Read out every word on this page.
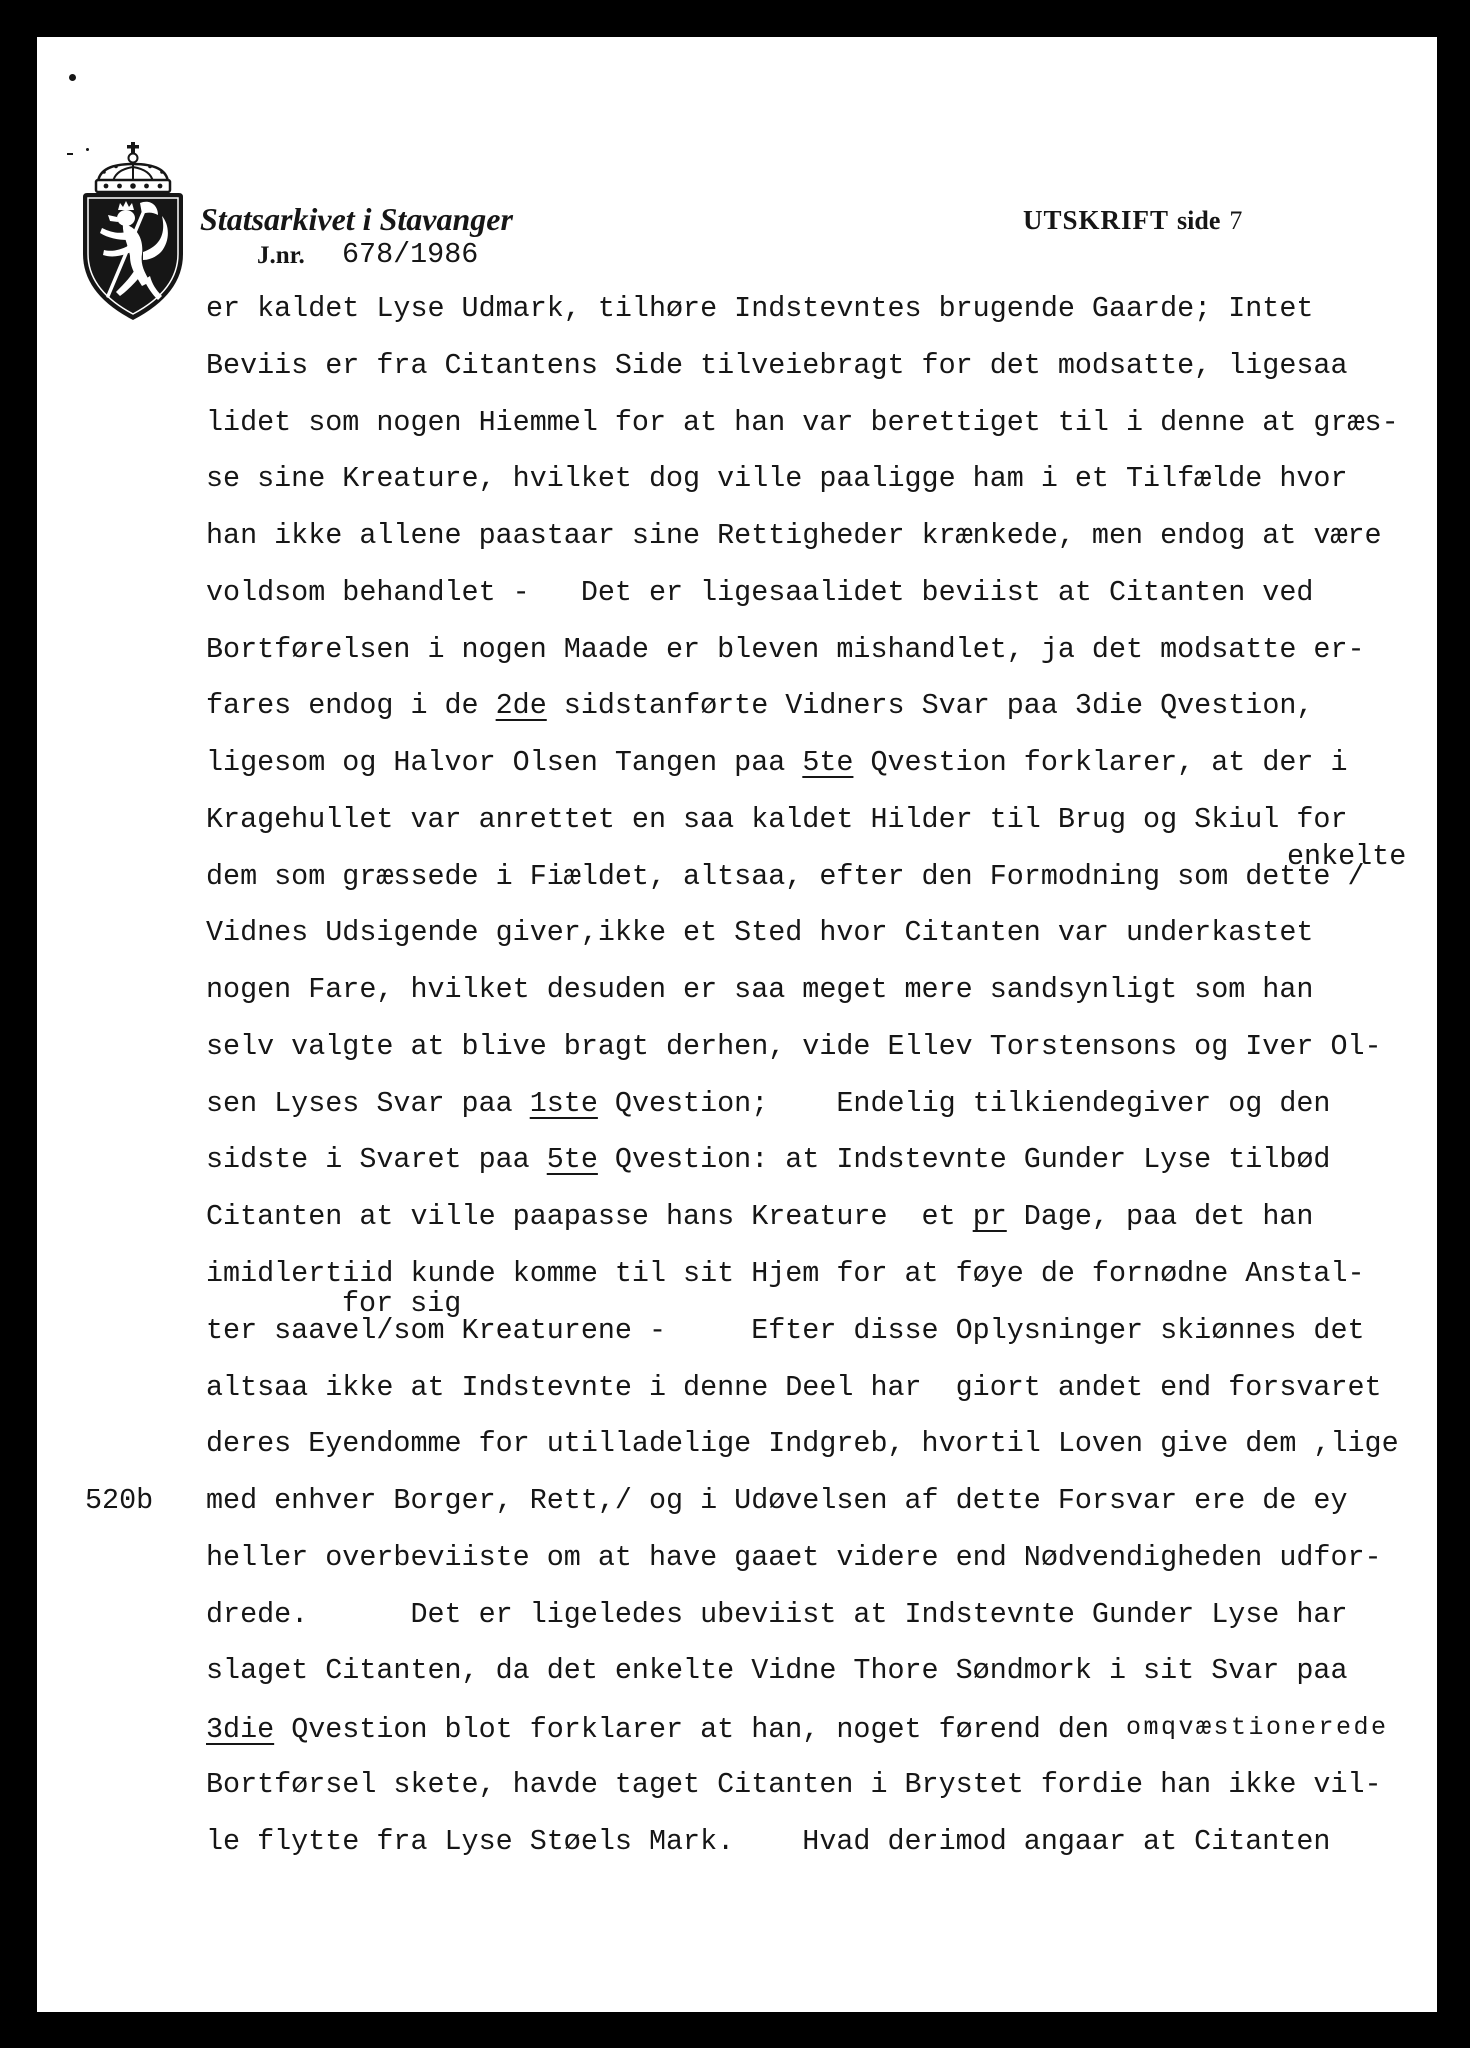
Statsarkivet i Stavanger
J.nr. 678/1986
UTSKRIFT side 7
er kaldet Lyse Udmark, tilhøre Indstevntes brugende Gaarde; Intet
Beviis er fra Citantens Side tilveiebragt for det modsatte, ligesaa
lidet som nogen Hiemmel for at han var berettiget til i denne at græs-
se sine Kreature, hvilket dog ville paaligge ham i et Tilfælde hvor
han ikke allene paastaar sine Rettigheder krænkede, men endog at være
voldsom behandlet -   Det er ligesaalidet beviist at Citanten ved
Bortførelsen i nogen Maade er bleven mishandlet, ja det modsatte er-
fares endog i de 2de sidstanførte Vidners Svar paa 3die Qvestion,
ligesom og Halvor Olsen Tangen paa 5te Qvestion forklarer, at der i
Kragehullet var anrettet en saa kaldet Hilder til Brug og Skiul for
dem som græssede i Fiældet, altsaa, efter den Formodning som dette /
Vidnes Udsigende giver,ikke et Sted hvor Citanten var underkastet
nogen Fare, hvilket desuden er saa meget mere sandsynligt som han
selv valgte at blive bragt derhen, vide Ellev Torstensons og Iver Ol-
sen Lyses Svar paa 1ste Qvestion;    Endelig tilkiendegiver og den
sidste i Svaret paa 5te Qvestion: at Indstevnte Gunder Lyse tilbød
Citanten at ville paapasse hans Kreature  et pr Dage, paa det han
imidlertiid kunde komme til sit Hjem for at føye de fornødne Anstal-
ter saavel/som Kreaturene -     Efter disse Oplysninger skiønnes det
altsaa ikke at Indstevnte i denne Deel har  giort andet end forsvaret
deres Eyendomme for utilladelige Indgreb, hvortil Loven give dem ,lige
med enhver Borger, Rett,/ og i Udøvelsen af dette Forsvar ere de ey
heller overbeviiste om at have gaaet videre end Nødvendigheden udfor-
drede.      Det er ligeledes ubeviist at Indstevnte Gunder Lyse har
slaget Citanten, da det enkelte Vidne Thore Søndmork i sit Svar paa
3die Qvestion blot forklarer at han, noget førend den omqvæstionerede
Bortførsel skete, havde taget Citanten i Brystet fordie han ikke vil-
le flytte fra Lyse Støels Mark.    Hvad derimod angaar at Citanten
enkelte
for sig
520b
